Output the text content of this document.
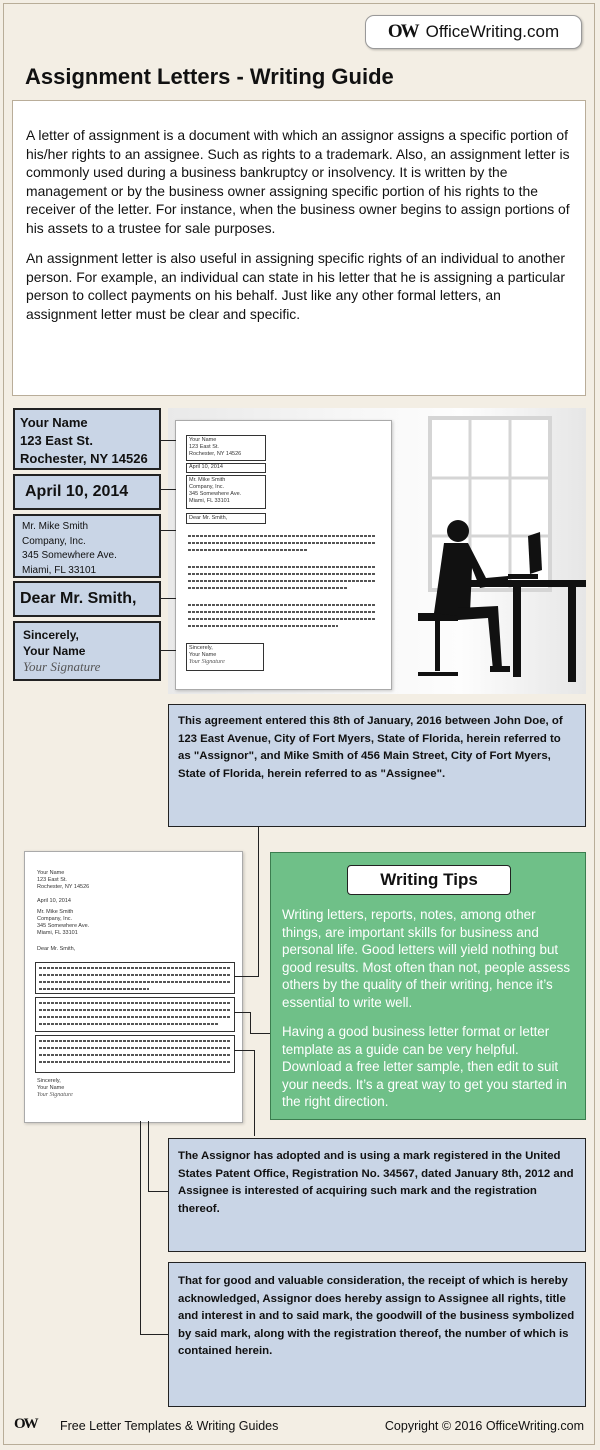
OW OfficeWriting.com
Assignment Letters - Writing Guide

A letter of assignment is a document with which an assignor assigns a specific portion of his/her rights to an assignee. Such as rights to a trademark. Also, an assignment letter is commonly used during a business bankruptcy or insolvency. It is written by the management or by the business owner assigning specific portion of his rights to the receiver of the letter. For instance, when the business owner begins to assign portions of his assets to a trustee for sale purposes.

An assignment letter is also useful in assigning specific rights of an individual to another person. For example, an individual can state in his letter that he is assigning a particular person to collect payments on his behalf. Just like any other formal letters, an assignment letter must be clear and specific.

Your Name
123 East St.
Rochester, NY 14526
April 10, 2014
Mr. Mike Smith
Company, Inc.
345 Somewhere Ave.
Miami, FL 33101
Dear Mr. Smith,
Sincerely,
Your Name
Your Signature
Your Name
123 East St.
Rochester, NY 14526
April 10, 2014
Mr. Mike Smith
Company, Inc.
345 Somewhere Ave.
Miami, FL 33101
Dear Mr. Smith,
Sincerely,
Your Name
Your Signature
This agreement entered this 8th of January, 2016 between John Doe, of 123 East Avenue, City of Fort Myers, State of Florida, herein referred to as "Assignor", and Mike Smith of 456 Main Street, City of Fort Myers, State of Florida, herein referred to as "Assignee".
Your Name
123 East St.
Rochester, NY 14526
April 10, 2014
Mr. Mike Smith
Company, Inc.
345 Somewhere Ave.
Miami, FL 33101
Dear Mr. Smith,
Sincerely,
Your Name
Your Signature
Writing Tips

Writing letters, reports, notes, among other things, are important skills for business and personal life. Good letters will yield nothing but good results. Most often than not, people assess others by the quality of their writing, hence it’s essential to write well.

Having a good business letter format or letter template as a guide can be very helpful. Download a free letter sample, then edit to suit your needs. It’s a great way to get you started in the right direction.

The Assignor has adopted and is using a mark registered in the United States Patent Office, Registration No. 34567, dated January 8th, 2012 and Assignee is interested of acquiring such mark and the registration thereof.
That for good and valuable consideration, the receipt of which is hereby acknowledged, Assignor does hereby assign to Assignee all rights, title and interest in and to said mark, the goodwill of the business symbolized by said mark, along with the registration thereof, the number of which is contained herein.
OW Free Letter Templates & Writing Guides	Copyright © 2016 OfficeWriting.com
